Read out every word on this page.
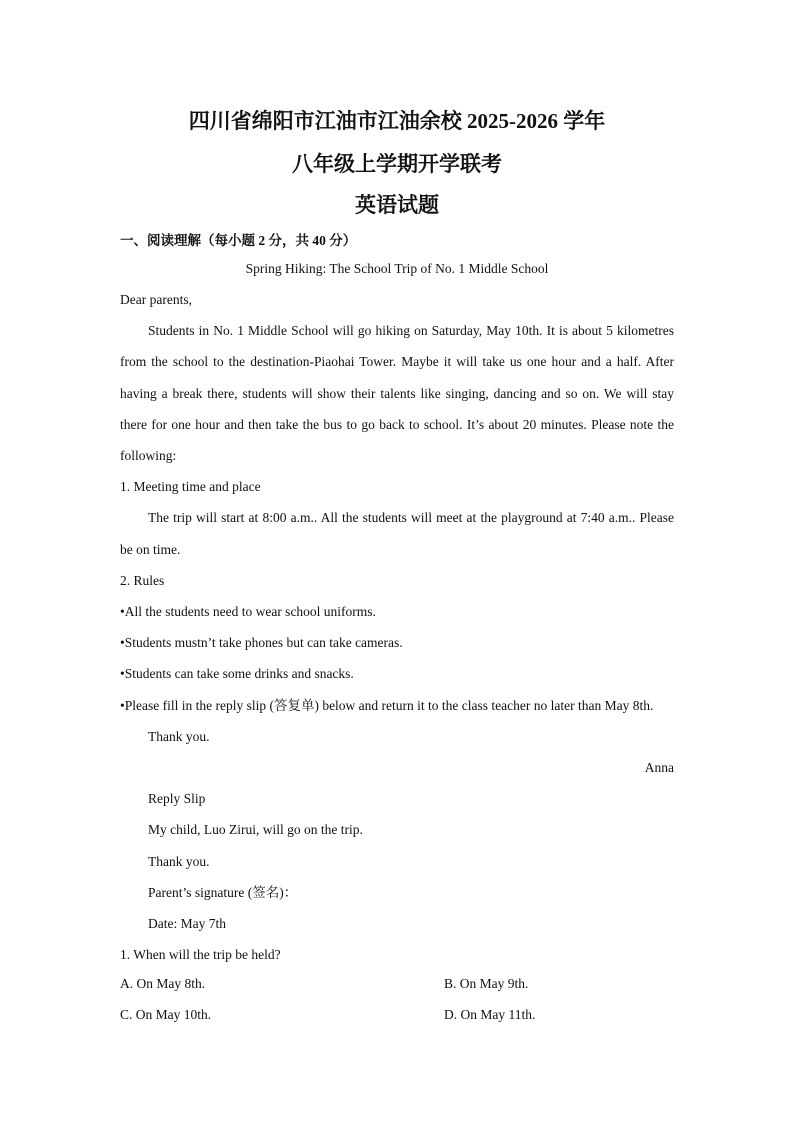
四川省绵阳市江油市江油余校 2025-2026 学年
八年级上学期开学联考
英语试题
一、阅读理解（每小题 2 分，共 40 分）
Spring Hiking: The School Trip of No. 1 Middle School

Dear parents,

Students in No. 1 Middle School will go hiking on Saturday, May 10th. It is about 5 kilometres from the school to the destination-Piaohai Tower. Maybe it will take us one hour and a half. After having a break there, students will show their talents like singing, dancing and so on. We will stay there for one hour and then take the bus to go back to school. It’s about 20 minutes. Please note the following:

1. Meeting time and place

The trip will start at 8:00 a.m.. All the students will meet at the playground at 7:40 a.m.. Please be on time.

2. Rules

•All the students need to wear school uniforms.

•Students mustn’t take phones but can take cameras.

•Students can take some drinks and snacks.

•Please fill in the reply slip (答复单) below and return it to the class teacher no later than May 8th.

Thank you.

Anna

Reply Slip

My child, Luo Zirui, will go on the trip.

Thank you.

Parent’s signature (签名)：

Date: May 7th

1. When will the trip be held?

A. On May 8th.	B. On May 9th.
C. On May 10th.	D. On May 11th.
